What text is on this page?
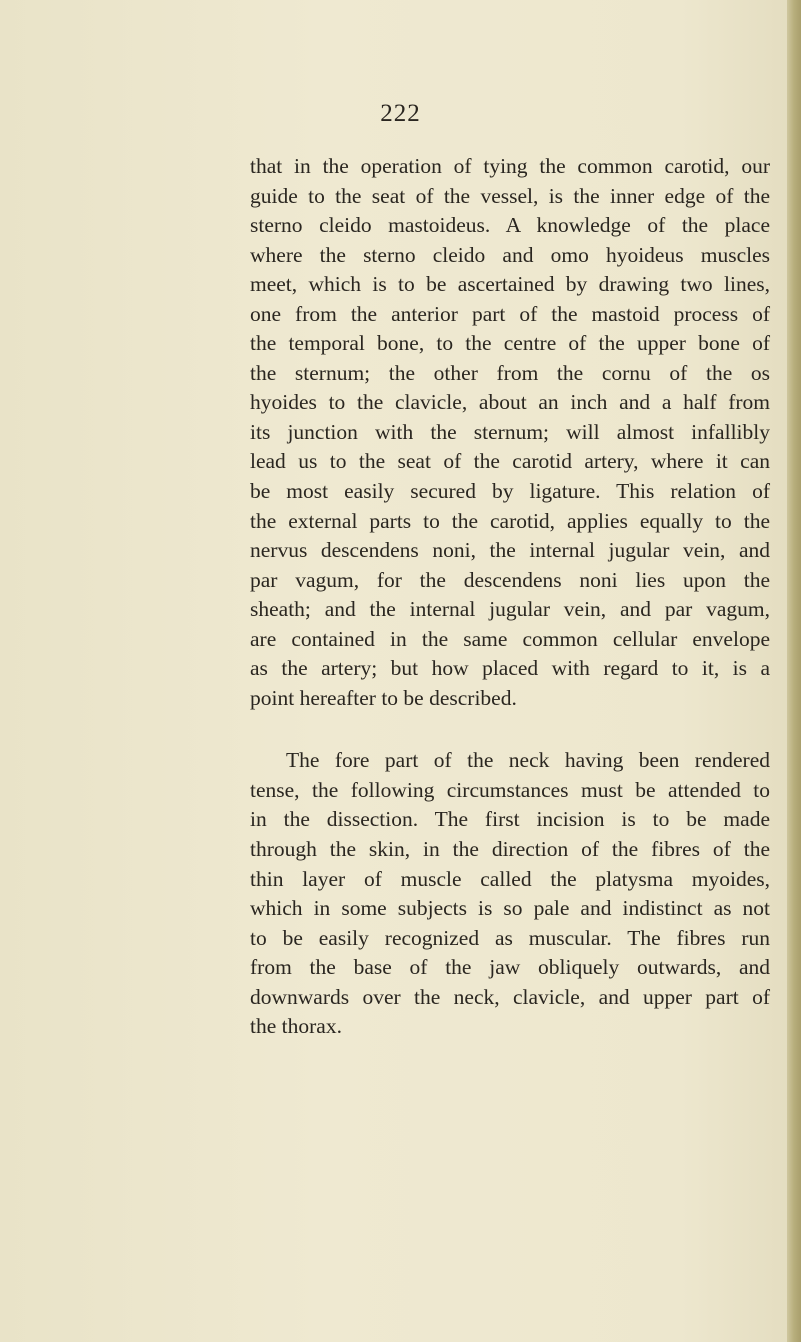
222

that in the operation of tying the common carotid, our
guide to the seat of the vessel, is the inner edge of the
sterno cleido mastoideus. A knowledge of the place
where the sterno cleido and omo hyoideus muscles
meet, which is to be ascertained by drawing two lines,
one from the anterior part of the mastoid process of
the temporal bone, to the centre of the upper bone of
the sternum; the other from the cornu of the os
hyoides to the clavicle, about an inch and a half from
its junction with the sternum; will almost infallibly
lead us to the seat of the carotid artery, where it can
be most easily secured by ligature. This relation of
the external parts to the carotid, applies equally to the
nervus descendens noni, the internal jugular vein, and
par vagum, for the descendens noni lies upon the
sheath; and the internal jugular vein, and par vagum,
are contained in the same common cellular envelope
as the artery; but how placed with regard to it, is a
point hereafter to be described.

The fore part of the neck having been rendered
tense, the following circumstances must be attended to
in the dissection. The first incision is to be made
through the skin, in the direction of the fibres of the
thin layer of muscle called the platysma myoides,
which in some subjects is so pale and indistinct as not
to be easily recognized as muscular. The fibres run
from the base of the jaw obliquely outwards, and
downwards over the neck, clavicle, and upper part of
the thorax.
